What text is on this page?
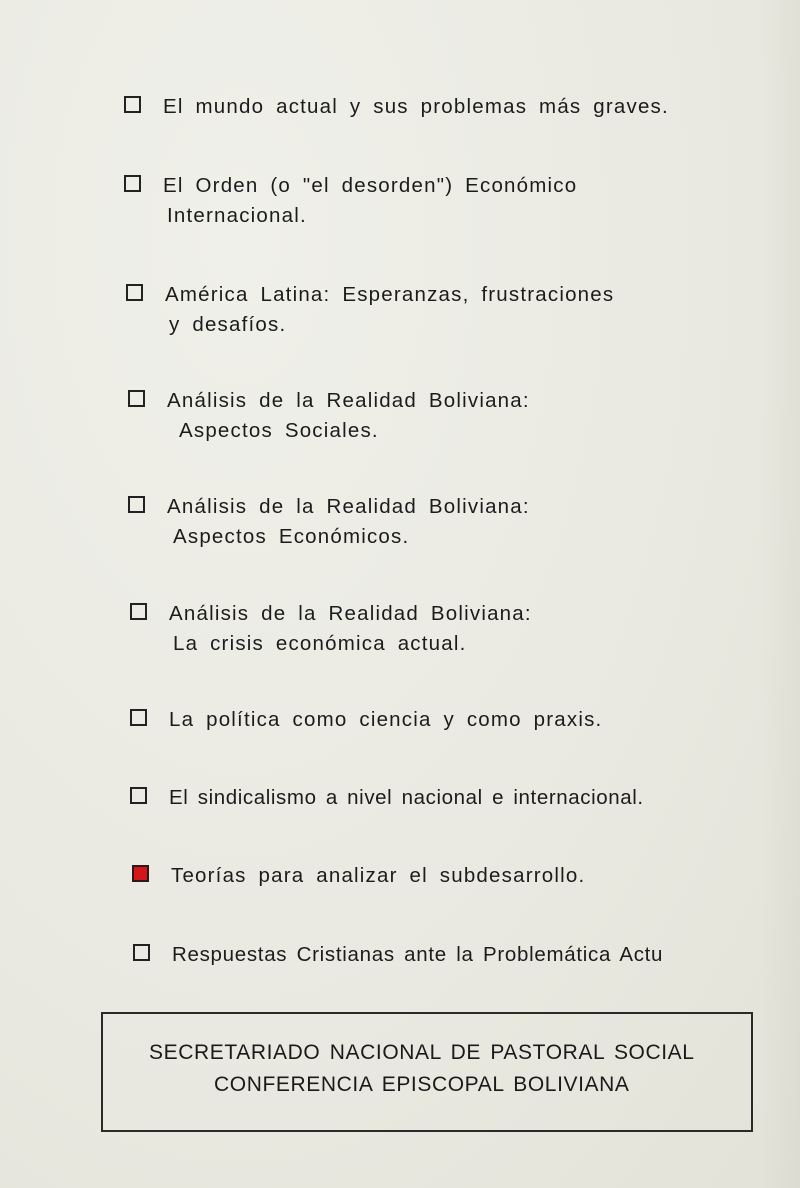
El mundo actual y sus problemas más graves.
El Orden (o "el desorden") Económico
Internacional.
América Latina: Esperanzas, frustraciones
y desafíos.
Análisis de la Realidad Boliviana:
Aspectos Sociales.
Análisis de la Realidad Boliviana:
Aspectos Económicos.
Análisis de la Realidad Boliviana:
La crisis económica actual.
La política como ciencia y como praxis.
El sindicalismo a nivel nacional e internacional.
Teorías para analizar el subdesarrollo.
Respuestas Cristianas ante la Problemática Actu
SECRETARIADO NACIONAL DE PASTORAL SOCIAL
CONFERENCIA EPISCOPAL BOLIVIANA
